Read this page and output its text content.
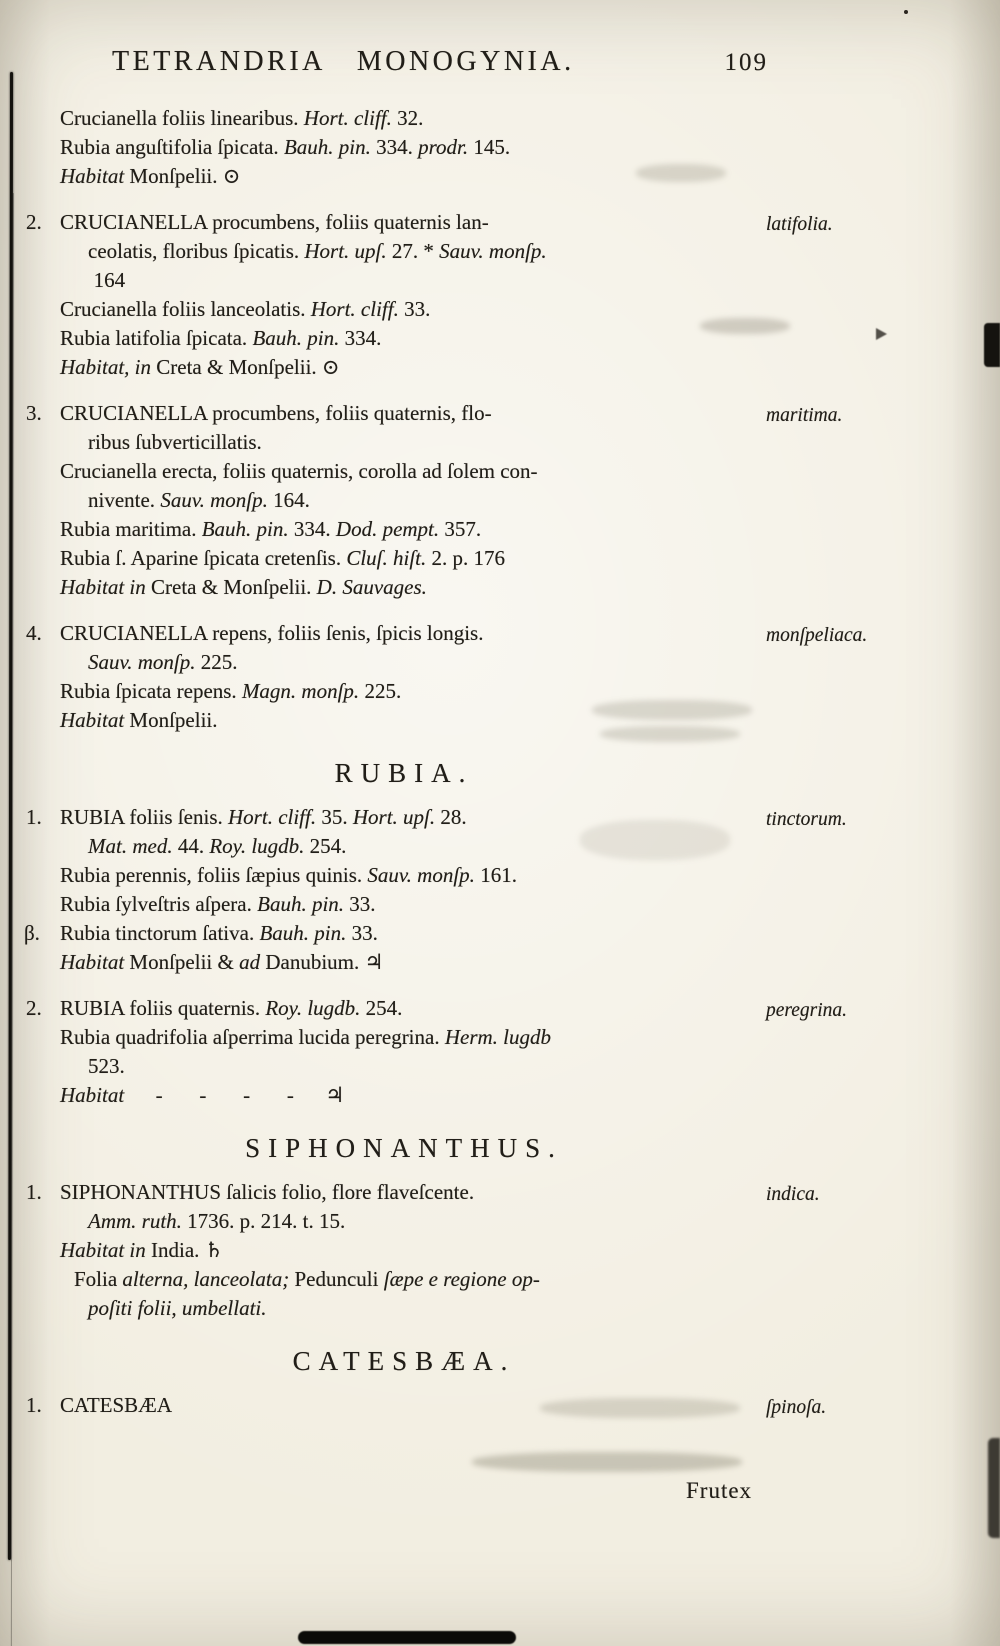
TETRANDRIA MONOGYNIA.	109
Crucianella foliis linearibus. Hort. cliff. 32.
Rubia anguſtifolia ſpicata. Bauh. pin. 334. prodr. 145.
Habitat Monſpelii. ⊙
2.	latifolia.
CRUCIANELLA procumbens, foliis quaternis lan-
ceolatis, floribus ſpicatis. Hort. upſ. 27. * Sauv. monſp.
164
Crucianella foliis lanceolatis. Hort. cliff. 33.
Rubia latifolia ſpicata. Bauh. pin. 334.
Habitat, in Creta & Monſpelii. ⊙
3.	maritima.
CRUCIANELLA procumbens, foliis quaternis, flo-
ribus ſubverticillatis.
Crucianella erecta, foliis quaternis, corolla ad ſolem con-
nivente. Sauv. monſp. 164.
Rubia maritima. Bauh. pin. 334. Dod. pempt. 357.
Rubia ſ. Aparine ſpicata cretenſis. Cluſ. hiſt. 2. p. 176
Habitat in Creta & Monſpelii. D. Sauvages.
4.	monſpeliaca.
CRUCIANELLA repens, foliis ſenis, ſpicis longis.
Sauv. monſp. 225.
Rubia ſpicata repens. Magn. monſp. 225.
Habitat Monſpelii.
RUBIA.
1.	tinctorum.
RUBIA foliis ſenis. Hort. cliff. 35. Hort. upſ. 28.
Mat. med. 44. Roy. lugdb. 254.
Rubia perennis, foliis ſæpius quinis. Sauv. monſp. 161.
Rubia ſylveſtris aſpera. Bauh. pin. 33.
β. Rubia tinctorum ſativa. Bauh. pin. 33.
Habitat Monſpelii & ad Danubium. ♃
2.	peregrina.
RUBIA foliis quaternis. Roy. lugdb. 254.
Rubia quadrifolia aſperrima lucida peregrina. Herm. lugdb
523.
Habitat      -       -       -       -      ♃
SIPHONANTHUS.
1.	indica.
SIPHONANTHUS ſalicis folio, flore flaveſcente.
Amm. ruth. 1736. p. 214. t. 15.
Habitat in India. ♄
Folia alterna, lanceolata; Pedunculi ſæpe e regione op-
poſiti folii, umbellati.
CATESBÆA.
1.	ſpinoſa.
CATESBÆA
Frutex
